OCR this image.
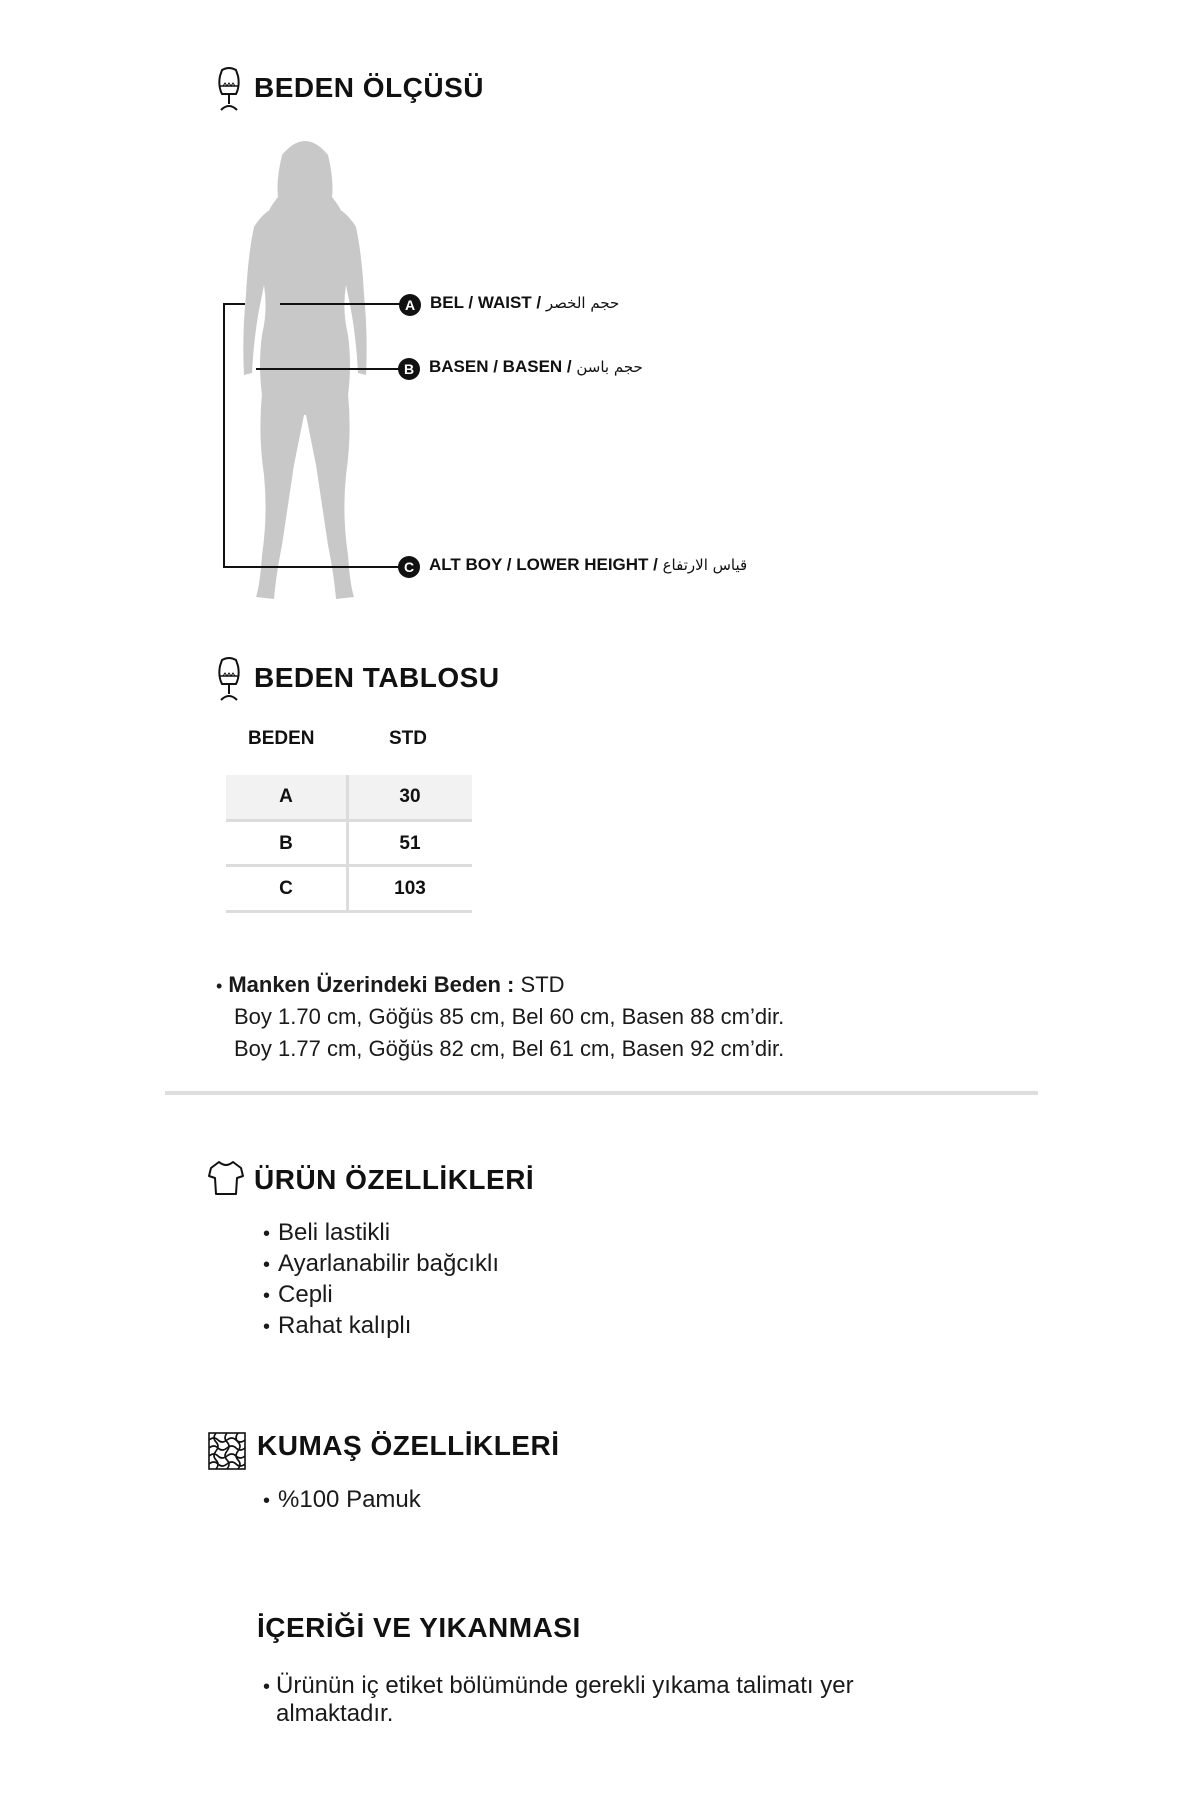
BEDEN ÖLÇÜSÜ
A BEL / WAIST / حجم الخصر
B BASEN / BASEN / حجم باسن
C ALT BOY / LOWER HEIGHT / قياس الارتفاع
BEDEN TABLOSU
BEDEN	STD
A	30
B	51
C	103
• Manken Üzerindeki Beden : STD
Boy 1.70 cm, Göğüs 85 cm, Bel 60 cm, Basen 88 cm’dir.
Boy 1.77 cm, Göğüs 82 cm, Bel 61 cm, Basen 92 cm’dir.
ÜRÜN ÖZELLİKLERİ
• Beli lastikli
• Ayarlanabilir bağcıklı
• Cepli
• Rahat kalıplı
KUMAŞ ÖZELLİKLERİ
• %100 Pamuk
İÇERİĞİ VE YIKANMASI
• Ürünün iç etiket bölümünde gerekli yıkama talimatı yer
almaktadır.
